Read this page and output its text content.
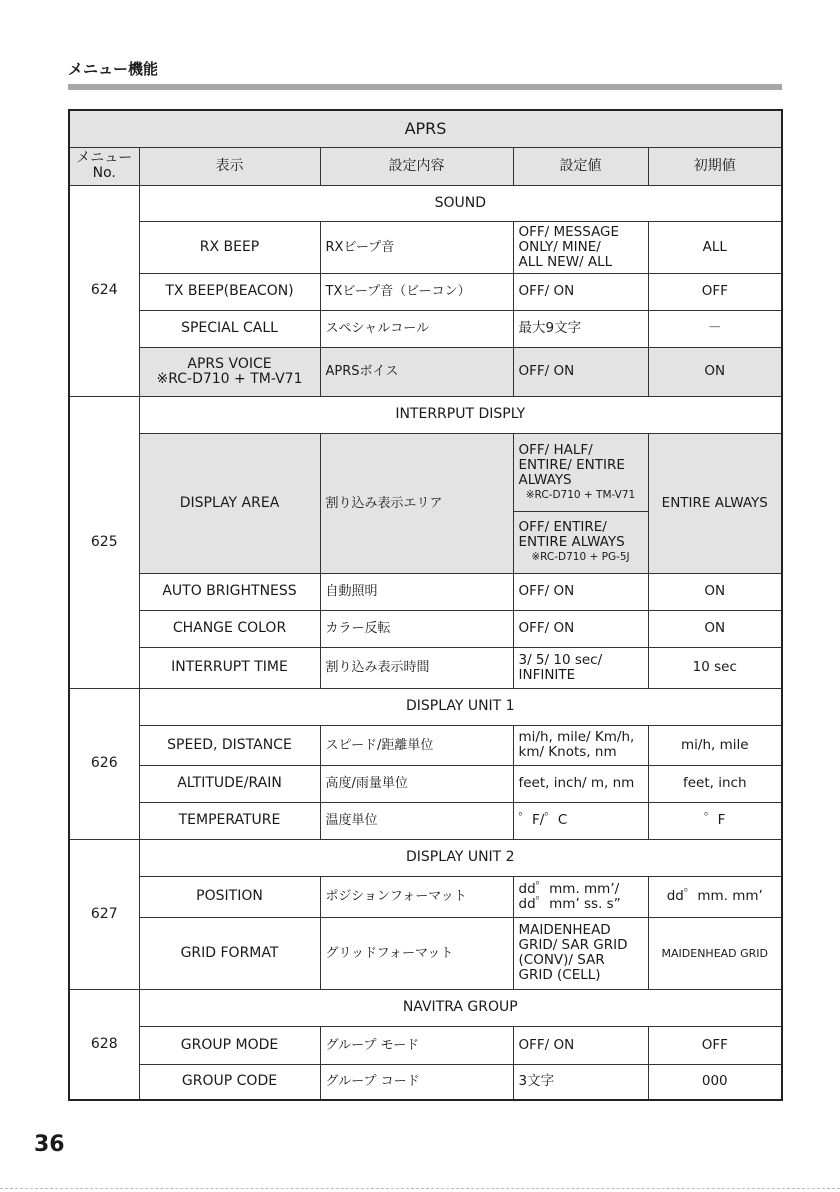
メニュー機能
APRS				

メニュー
No.	表示	設定内容	設定値	初期値
624	SOUND			
	RX BEEP	RXビープ音	OFF/ MESSAGE
ONLY/ MINE/
ALL NEW/ ALL	ALL
	TX BEEP(BEACON)	TXビープ音（ビーコン）	OFF/ ON	OFF
	SPECIAL CALL	スペシャルコール	最大9文字	－

	APRS VOICE
※RC-D710 + TM-V71	APRSボイス	OFF/ ON	ON
625	INTERRPUT DISPLY			
	DISPLAY AREA	割り込み表示エリア	OFF/ HALF/
ENTIRE/ ENTIRE
ALWAYS
※RC-D710 + TM-V71	ENTIRE ALWAYS

			OFF/ ENTIRE/
ENTIRE ALWAYS
※RC-D710 + PG-5J	

	AUTO BRIGHTNESS	自動照明	OFF/ ON	ON
	CHANGE COLOR	カラー反転	OFF/ ON	ON
	INTERRUPT TIME	割り込み表示時間	3/ 5/ 10 sec/
INFINITE	10 sec
626	DISPLAY UNIT 1			
	SPEED, DISTANCE	スピード/距離単位	mi/h, mile/ Km/h,
km/ Knots, nm	mi/h, mile
	ALTITUDE/RAIN	高度/雨量単位	feet, inch/ m, nm	feet, inch
	TEMPERATURE	温度単位	゜F/゜C	゜F
627	DISPLAY UNIT 2			
	POSITION	ポジションフォーマット	dd゜mm. mm’/
dd゜mm’ ss. s”	dd゜mm. mm’
	GRID FORMAT	グリッドフォーマット	MAIDENHEAD
GRID/ SAR GRID
(CONV)/ SAR
GRID (CELL)	MAIDENHEAD GRID
628	NAVITRA GROUP			
	GROUP MODE	グループ モード	OFF/ ON	OFF
	GROUP CODE	グループ コード	3文字	000
36
